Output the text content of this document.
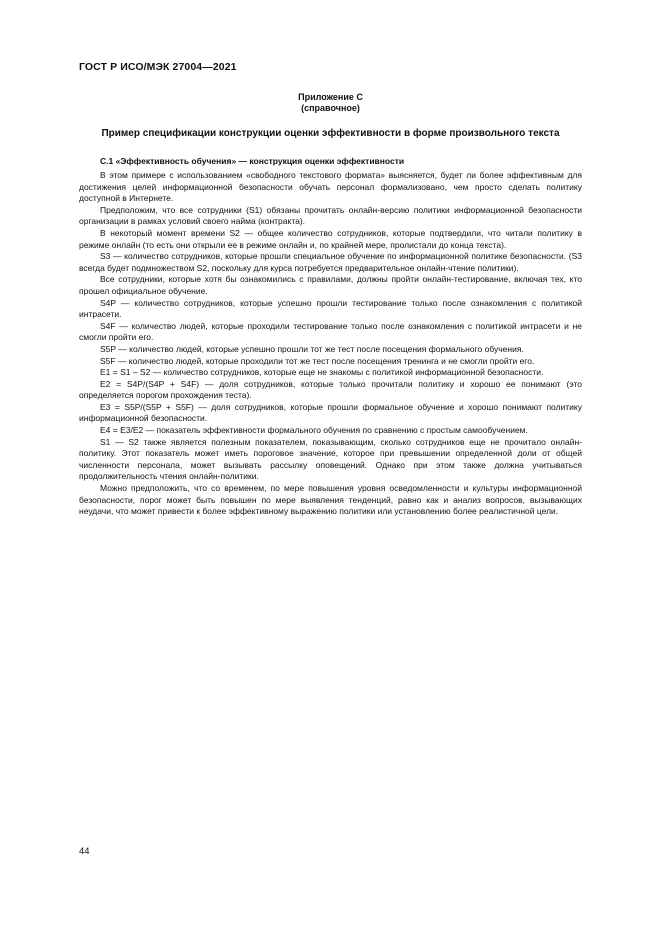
ГОСТ Р ИСО/МЭК 27004—2021
Приложение С
(справочное)
Пример спецификации конструкции оценки эффективности в форме произвольного текста
С.1 «Эффективность обучения» — конструкция оценки эффективности

В этом примере с использованием «свободного текстового формата» выясняется, будет ли более эффективным для достижения целей информационной безопасности обучать персонал формализовано, чем просто сделать политику доступной в Интернете.

Предположим, что все сотрудники (S1) обязаны прочитать онлайн-версию политики информационной безопасности организации в рамках условий своего найма (контракта).

В некоторый момент времени S2 — общее количество сотрудников, которые подтвердили, что читали политику в режиме онлайн (то есть они открыли ее в режиме онлайн и, по крайней мере, пролистали до конца текста).

S3 — количество сотрудников, которые прошли специальное обучение по информационной политике безопасности. (S3 всегда будет подмножеством S2, поскольку для курса потребуется предварительное онлайн-чтение политики).

Все сотрудники, которые хотя бы ознакомились с правилами, должны пройти онлайн-тестирование, включая тех, кто прошел официальное обучение.

S4P — количество сотрудников, которые успешно прошли тестирование только после ознакомления с политикой интрасети.

S4F — количество людей, которые проходили тестирование только после ознакомления с политикой интрасети и не смогли пройти его.

S5P — количество людей, которые успешно прошли тот же тест после посещения формального обучения.

S5F — количество людей, которые проходили тот же тест после посещения тренинга и не смогли пройти его.

E1 = S1 – S2 — количество сотрудников, которые еще не знакомы с политикой информационной безопасности.

E2 = S4P/(S4P + S4F) — доля сотрудников, которые только прочитали политику и хорошо ее понимают (это определяется порогом прохождения теста).

E3 = S5P/(S5P + S5F) — доля сотрудников, которые прошли формальное обучение и хорошо понимают политику информационной безопасности.

E4 = E3/E2 — показатель эффективности формального обучения по сравнению с простым самообучением.

S1 — S2 также является полезным показателем, показывающим, сколько сотрудников еще не прочитало онлайн-политику. Этот показатель может иметь пороговое значение, которое при превышении определенной доли от общей численности персонала, может вызывать рассылку оповещений. Однако при этом также должна учитываться продолжительность чтения онлайн-политики.

Можно предположить, что со временем, по мере повышения уровня осведомленности и культуры информационной безопасности, порог может быть повышен по мере выявления тенденций, равно как и анализ вопросов, вызывающих неудачи, что может привести к более эффективному выражению политики или установлению более реалистичной цели.

44
